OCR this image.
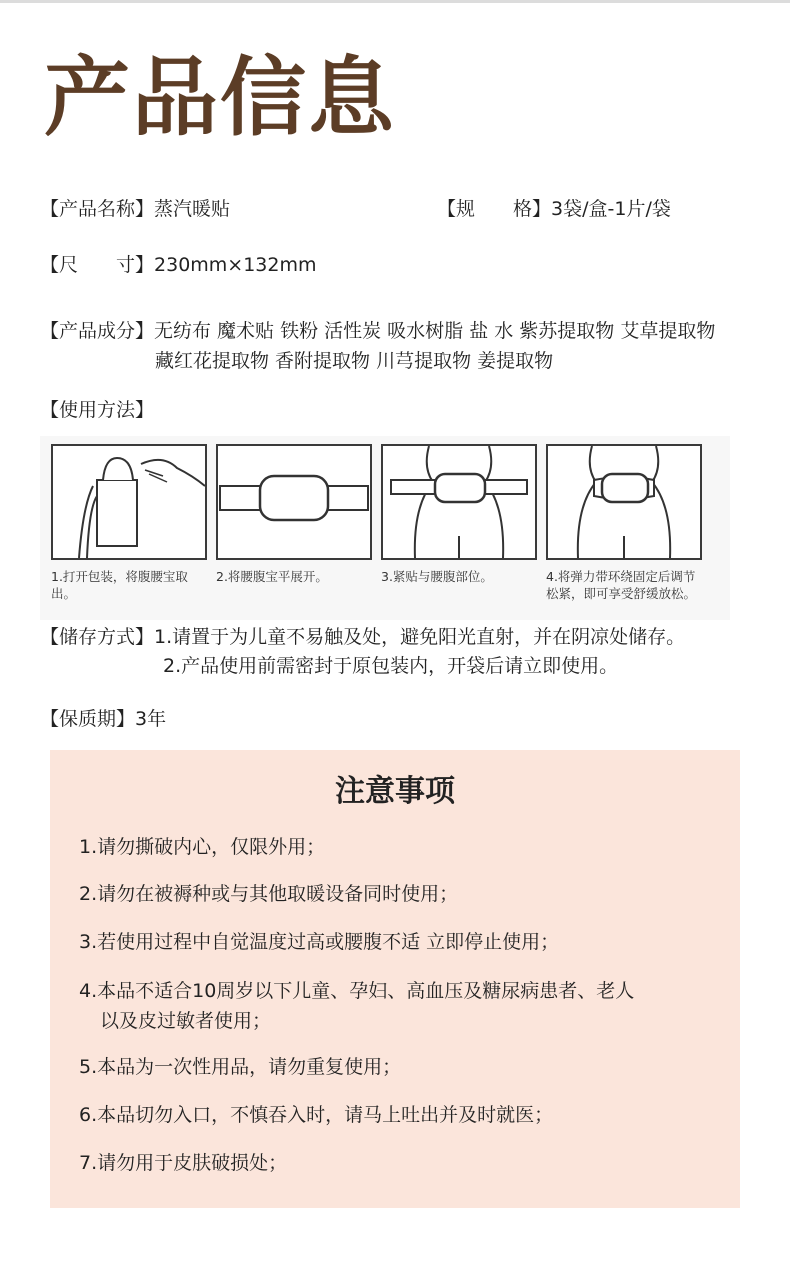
产品信息
【产品名称】蒸汽暖贴	【规　　格】3袋/盒-1片/袋
【尺　　寸】230mm×132mm
【产品成分】无纺布 魔术贴 铁粉 活性炭 吸水树脂 盐 水 紫苏提取物 艾草提取物
藏红花提取物 香附提取物 川芎提取物 姜提取物
【使用方法】
1.打开包装，将腹腰宝取出。
2.将腰腹宝平展开。	3.紧贴与腰腹部位。	4.将弹力带环绕固定后调节松紧，即可享受舒缓放松。
【储存方式】1.请置于为儿童不易触及处，避免阳光直射，并在阴凉处储存。
2.产品使用前需密封于原包装内，开袋后请立即使用。
【保质期】3年
注意事项
1.请勿撕破内心，仅限外用；
2.请勿在被褥种或与其他取暖设备同时使用；
3.若使用过程中自觉温度过高或腰腹不适 立即停止使用；
4.本品不适合10周岁以下儿童、孕妇、高血压及糖尿病患者、老人
以及皮过敏者使用；
5.本品为一次性用品，请勿重复使用；
6.本品切勿入口，不慎吞入时，请马上吐出并及时就医；
7.请勿用于皮肤破损处；
